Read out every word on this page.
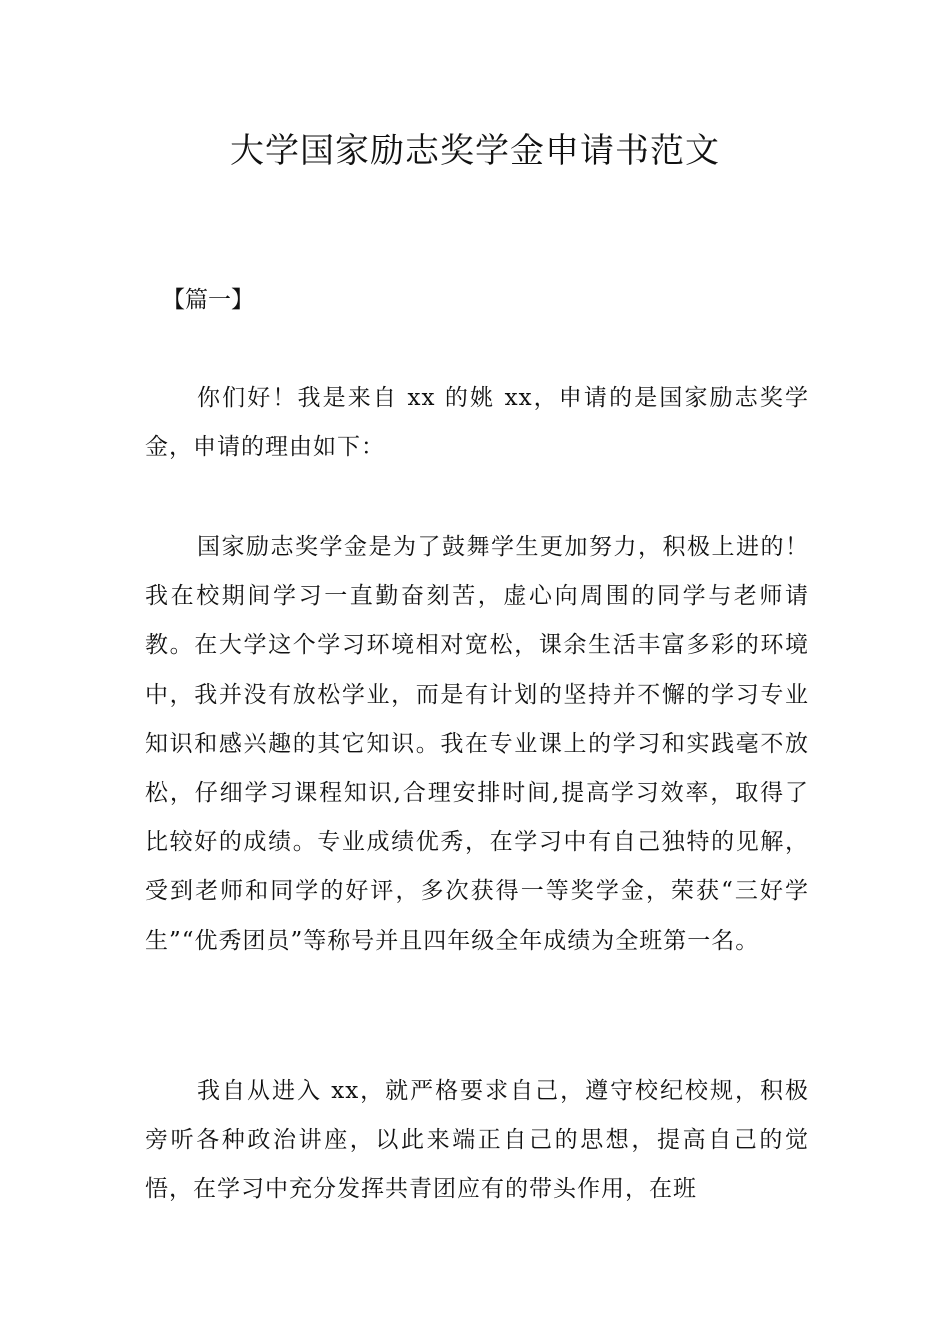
大学国家励志奖学金申请书范文

【篇一】

你们好！我是来自 xx 的姚 xx，申请的是国家励志奖学金，申请的理由如下：

国家励志奖学金是为了鼓舞学生更加努力，积极上进的！我在校期间学习一直勤奋刻苦，虚心向周围的同学与老师请教。在大学这个学习环境相对宽松，课余生活丰富多彩的环境中，我并没有放松学业，而是有计划的坚持并不懈的学习专业知识和感兴趣的其它知识。我在专业课上的学习和实践毫不放松，仔细学习课程知识,合理安排时间,提高学习效率，取得了比较好的成绩。专业成绩优秀，在学习中有自己独特的见解，受到老师和同学的好评，多次获得一等奖学金，荣获“三好学生”“优秀团员”等称号并且四年级全年成绩为全班第一名。

我自从进入 xx，就严格要求自己，遵守校纪校规，积极旁听各种政治讲座，以此来端正自己的思想，提高自己的觉悟，在学习中充分发挥共青团应有的带头作用，在班
